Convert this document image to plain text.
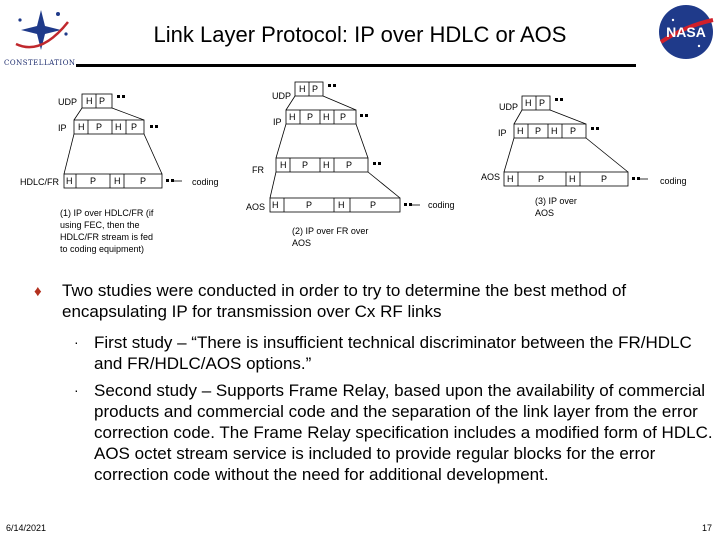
CONSTELLATION
NASA
Link Layer Protocol: IP over HDLC or AOS
UDP H P
IP H P H P
HDLC/FR H P H P	coding
(1) IP over HDLC/FR (if
using FEC, then the
HDLC/FR stream is fed
to coding equipment)
UDP
H P
IP H P H P
FR H P H P
AOS H	P	H	P	coding
(2) IP over FR over
AOS
UDP H P
IP H P H P
AOS H	P	H	P	coding
(3) IP over
AOS
♦ Two studies were conducted in order to try to determine the best method of encapsulating IP for transmission over Cx RF links
· First study – “There is insufficient technical discriminator between the FR/HDLC and FR/HDLC/AOS options.”
· Second study – Supports Frame Relay, based upon the availability of commercial products and commercial code and the separation of the link layer from the error correction code. The Frame Relay specification includes a modified form of HDLC. AOS octet stream service is included to provide regular blocks for the error correction code without the need for additional development.
6/14/2021	17
